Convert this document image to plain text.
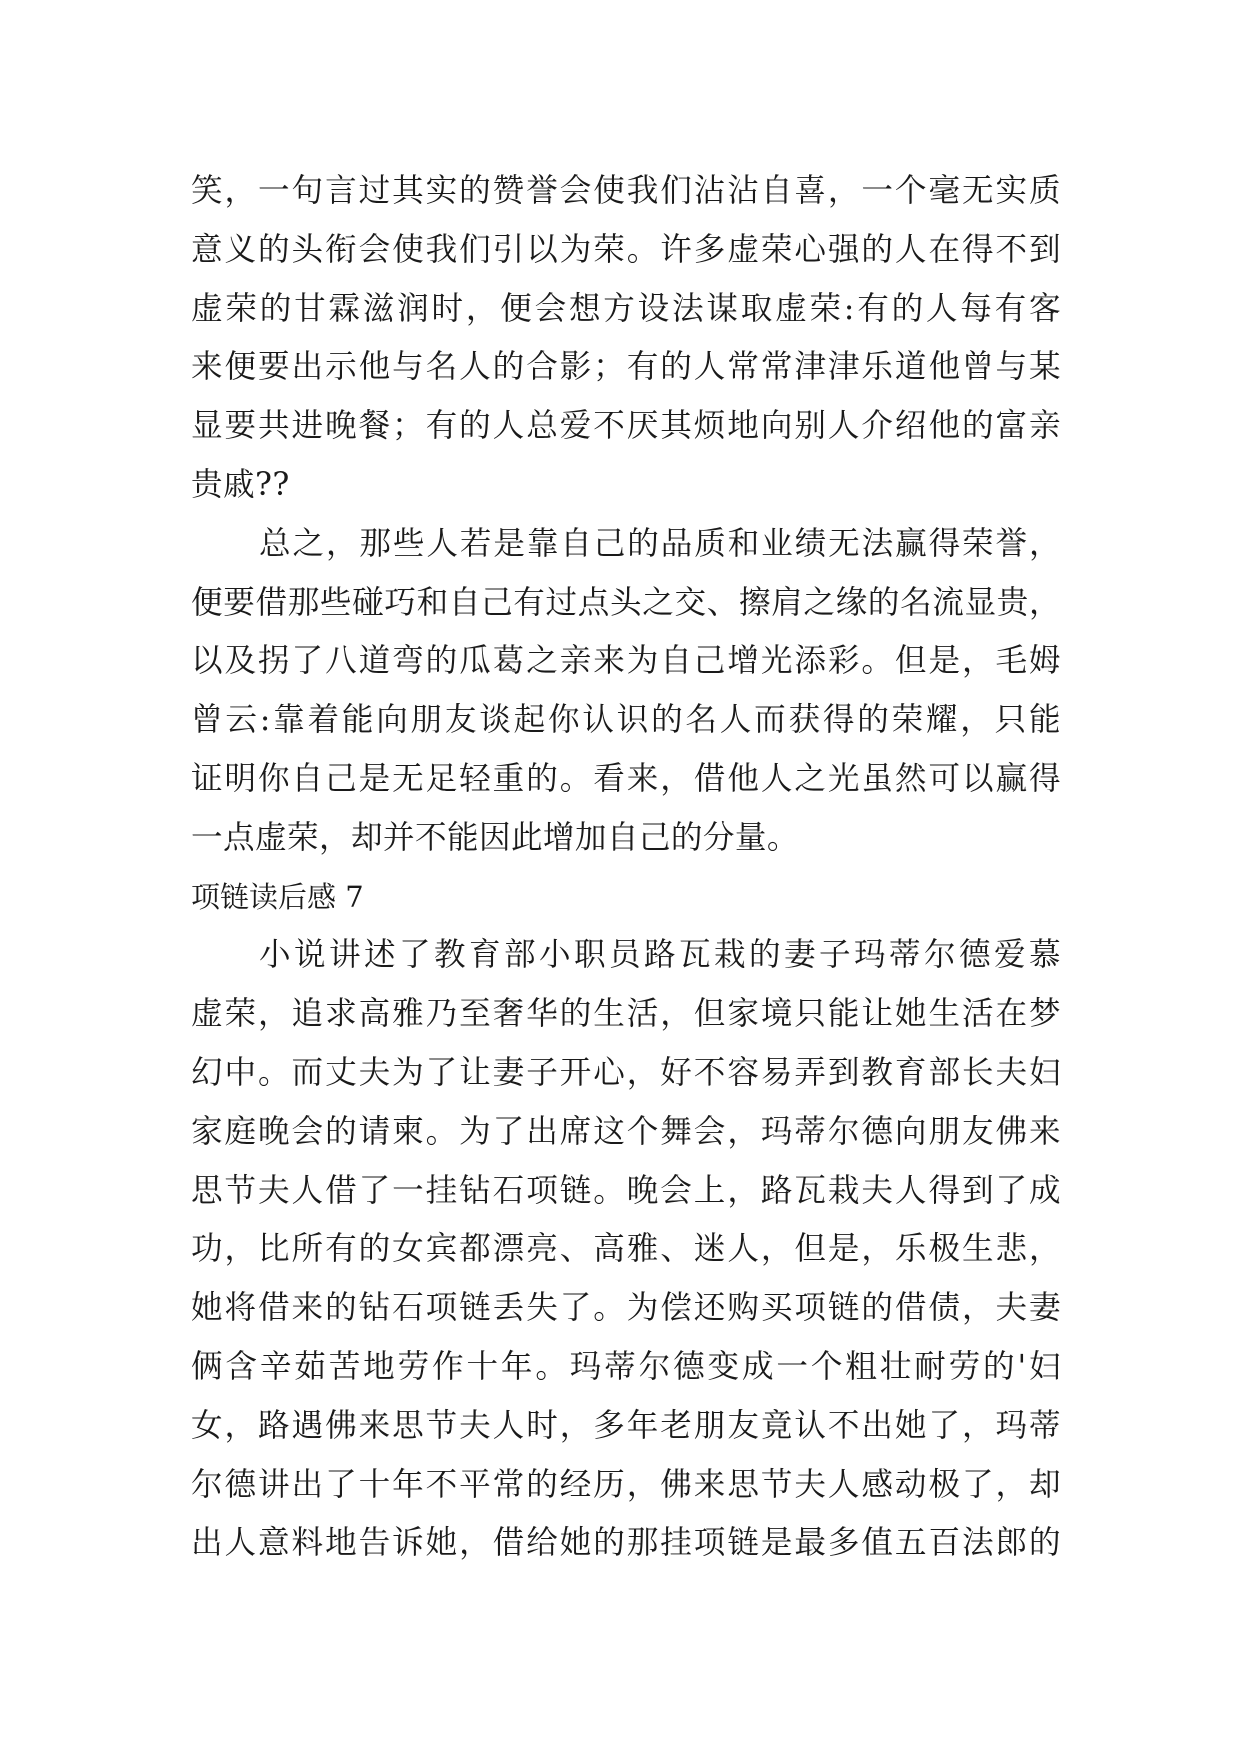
笑，一句言过其实的赞誉会使我们沾沾自喜，一个毫无实质
意义的头衔会使我们引以为荣。许多虚荣心强的人在得不到
虚荣的甘霖滋润时，便会想方设法谋取虚荣:有的人每有客
来便要出示他与名人的合影；有的人常常津津乐道他曾与某
显要共进晚餐；有的人总爱不厌其烦地向别人介绍他的富亲
贵戚??
总之，那些人若是靠自己的品质和业绩无法赢得荣誉，
便要借那些碰巧和自己有过点头之交、擦肩之缘的名流显贵，
以及拐了八道弯的瓜葛之亲来为自己增光添彩。但是，毛姆
曾云:靠着能向朋友谈起你认识的名人而获得的荣耀，只能
证明你自己是无足轻重的。看来，借他人之光虽然可以赢得
一点虚荣，却并不能因此增加自己的分量。
项链读后感 7
小说讲述了教育部小职员路瓦栽的妻子玛蒂尔德爱慕
虚荣，追求高雅乃至奢华的生活，但家境只能让她生活在梦
幻中。而丈夫为了让妻子开心，好不容易弄到教育部长夫妇
家庭晚会的请柬。为了出席这个舞会，玛蒂尔德向朋友佛来
思节夫人借了一挂钻石项链。晚会上，路瓦栽夫人得到了成
功，比所有的女宾都漂亮、高雅、迷人，但是，乐极生悲，
她将借来的钻石项链丢失了。为偿还购买项链的借债，夫妻
俩含辛茹苦地劳作十年。玛蒂尔德变成一个粗壮耐劳的'妇
女，路遇佛来思节夫人时，多年老朋友竟认不出她了，玛蒂
尔德讲出了十年不平常的经历，佛来思节夫人感动极了，却
出人意料地告诉她，借给她的那挂项链是最多值五百法郎的
